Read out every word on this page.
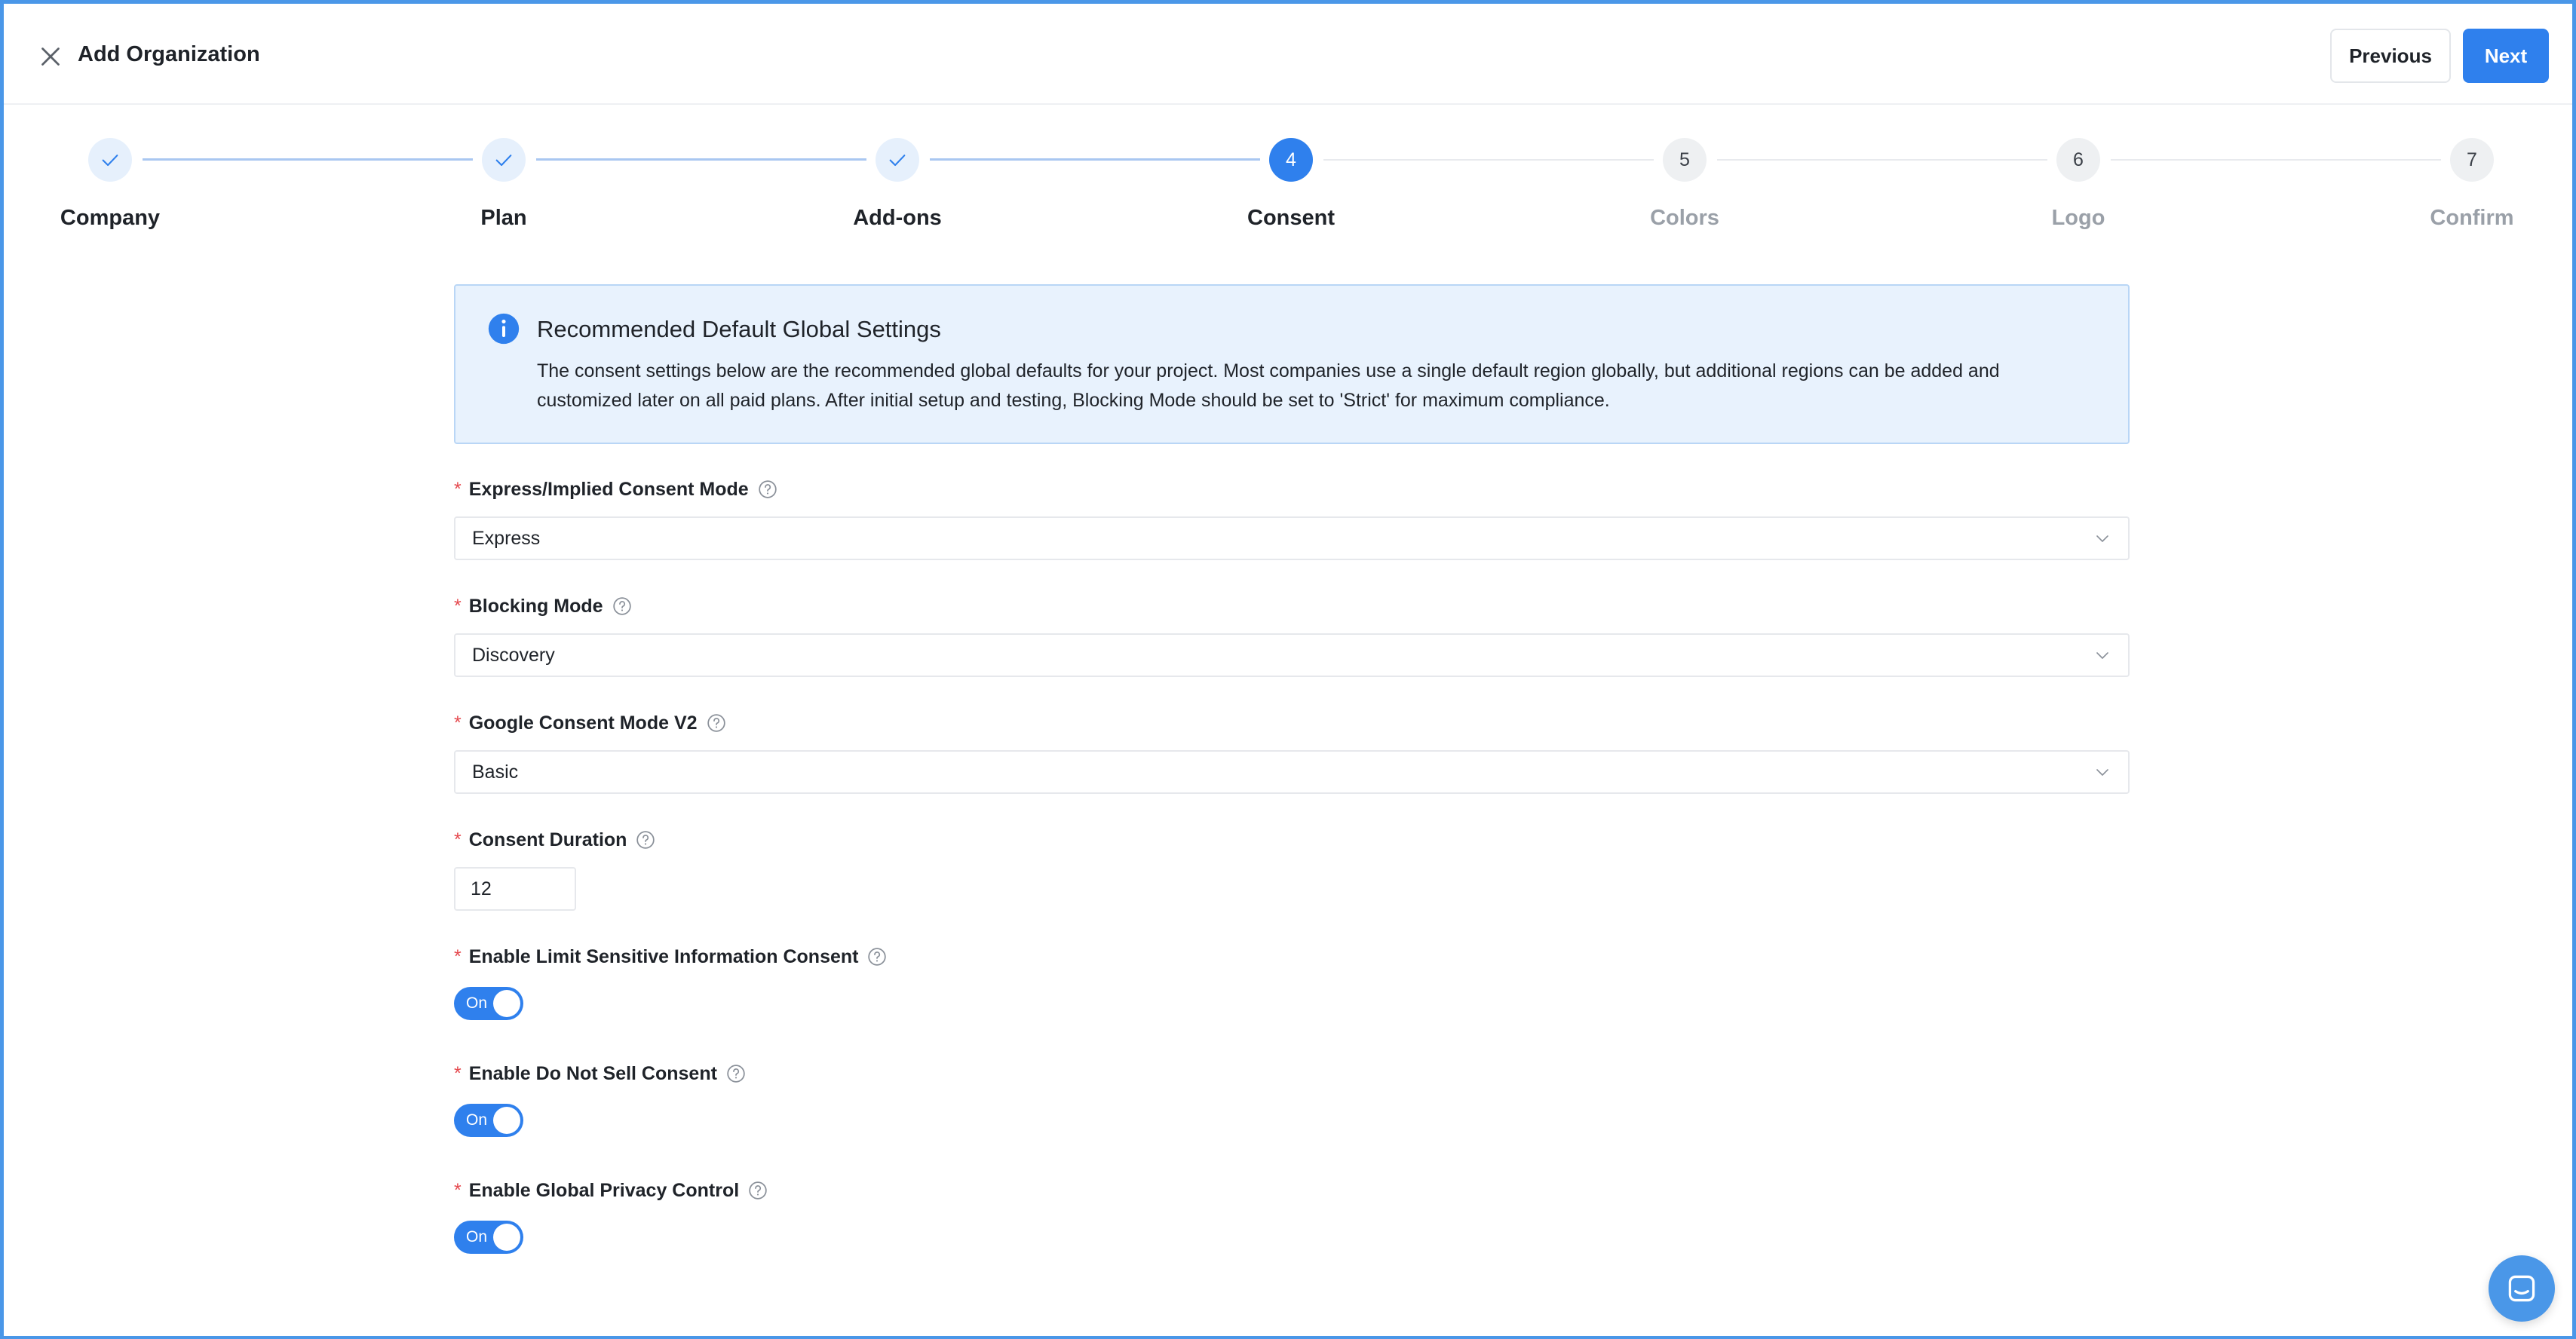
Add Organization	Previous	Next
Company	Plan	Add-ons
4
Consent
5
Colors
6
Logo
7
Confirm
Recommended Default Global Settings
The consent settings below are the recommended global defaults for your project. Most companies use a single default region globally, but additional regions can be added and customized later on all paid plans. After initial setup and testing, Blocking Mode should be set to 'Strict' for maximum compliance.
* Express/Implied Consent Mode
Express
* Blocking Mode
Discovery
* Google Consent Mode V2
Basic
* Consent Duration
12
* Enable Limit Sensitive Information Consent
On
* Enable Do Not Sell Consent
On
* Enable Global Privacy Control
On
